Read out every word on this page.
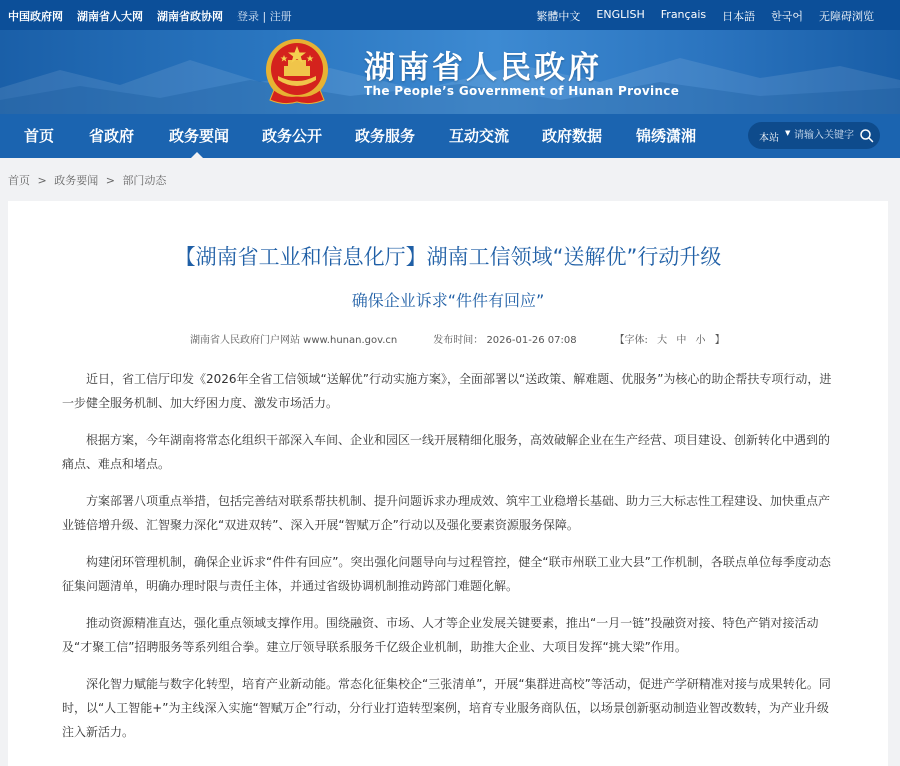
中国政府网 湖南省人大网 湖南省政协网 登录 | 注册	繁體中文 ENGLISH Français 日本語 한국어 无障碍浏览
湖南省人民政府
The People’s Government of Hunan Province
首页 省政府 政务要闻 政务公开 政务服务 互动交流 政府数据 锦绣潇湘	本站 ▼
请输入关键字
首页 > 政务要闻 > 部门动态
【湖南省工业和信息化厅】湖南工信领域“送解优”行动升级
确保企业诉求“件件有回应”
湖南省人民政府门户网站 www.hunan.gov.cn	发布时间： 2026-01-26 07:08	【字体: 大 中 小 】

近日，省工信厅印发《2026年全省工信领域“送解优”行动实施方案》，全面部署以“送政策、解难题、优服务”为核心的助企帮扶专项行动，进一步健全服务机制、加大纾困力度、激发市场活力。

根据方案，今年湖南将常态化组织干部深入车间、企业和园区一线开展精细化服务，高效破解企业在生产经营、项目建设、创新转化中遇到的痛点、难点和堵点。

方案部署八项重点举措，包括完善结对联系帮扶机制、提升问题诉求办理成效、筑牢工业稳增长基础、助力三大标志性工程建设、加快重点产业链倍增升级、汇智聚力深化“双进双转”、深入开展“智赋万企”行动以及强化要素资源服务保障。

构建闭环管理机制，确保企业诉求“件件有回应”。突出强化问题导向与过程管控，健全“联市州联工业大县”工作机制，各联点单位每季度动态征集问题清单，明确办理时限与责任主体，并通过省级协调机制推动跨部门难题化解。

推动资源精准直达，强化重点领域支撑作用。围绕融资、市场、人才等企业发展关键要素，推出“一月一链”投融资对接、特色产销对接活动及“才聚工信”招聘服务等系列组合拳。建立厅领导联系服务千亿级企业机制，助推大企业、大项目发挥“挑大梁”作用。

深化智力赋能与数字化转型，培育产业新动能。常态化征集校企“三张清单”，开展“集群进高校”等活动，促进产学研精准对接与成果转化。同时，以“人工智能+”为主线深入实施“智赋万企”行动，分行业打造转型案例，培育专业服务商队伍，以场景创新驱动制造业智改数转，为产业升级注入新活力。
